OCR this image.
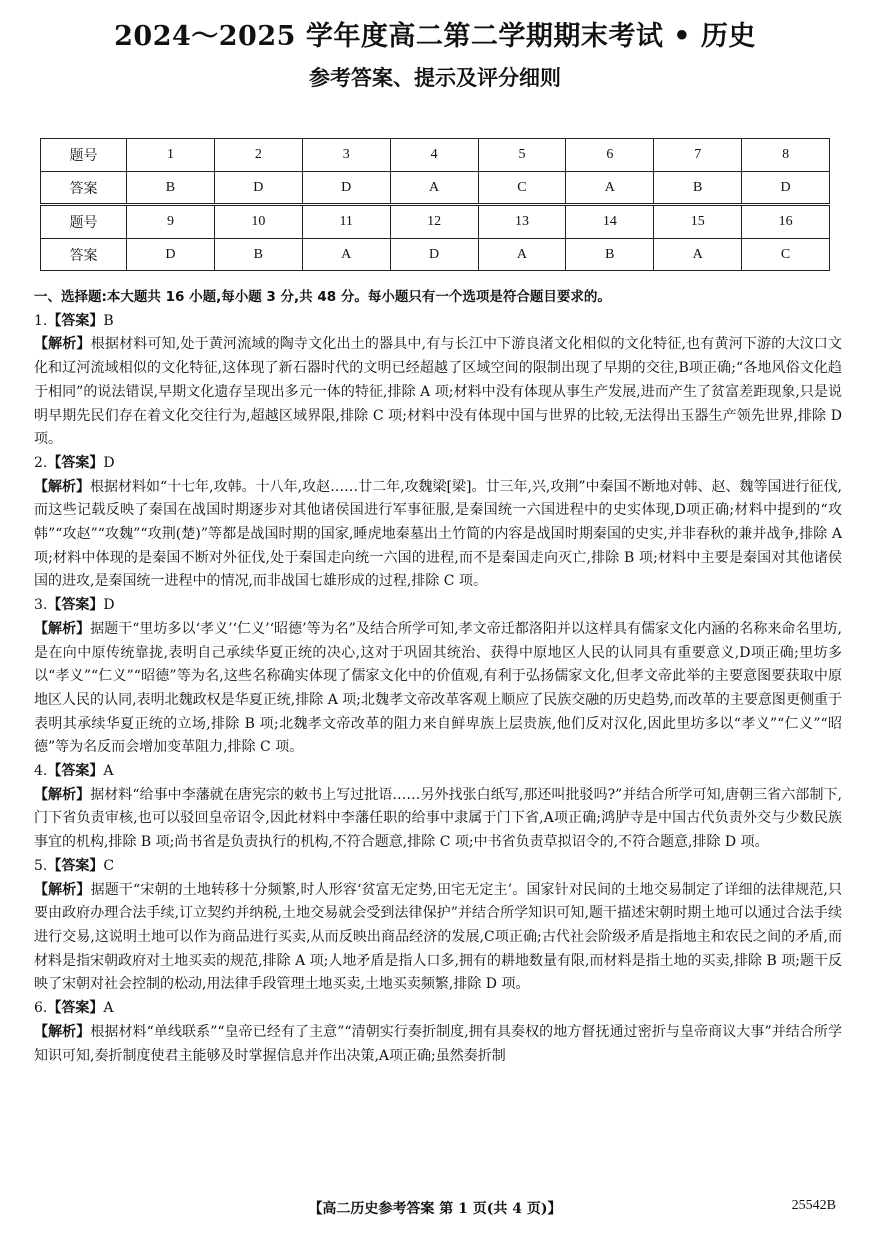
2024～2025 学年度高二第二学期期末考试 • 历史
参考答案、提示及评分细则
题号	1	2	3	4	5	6	7	8
答案	B	D	D	A	C	A	B	D
题号	9	10	11	12	13	14	15	16
答案	D	B	A	D	A	B	A	C
一、选择题:本大题共 16 小题,每小题 3 分,共 48 分。每小题只有一个选项是符合题目要求的。
1.【答案】B
【解析】根据材料可知,处于黄河流域的陶寺文化出土的器具中,有与长江中下游良渚文化相似的文化特征,也有黄河下游的大汶口文化和辽河流域相似的文化特征,这体现了新石器时代的文明已经超越了区域空间的限制出现了早期的交往,B项正确;“各地风俗文化趋于相同”的说法错误,早期文化遗存呈现出多元一体的特征,排除 A 项;材料中没有体现从事生产发展,进而产生了贫富差距现象,只是说明早期先民们存在着文化交往行为,超越区域界限,排除 C 项;材料中没有体现中国与世界的比较,无法得出玉器生产领先世界,排除 D 项。
2.【答案】D
【解析】根据材料如“十七年,攻韩。十八年,攻赵……廿二年,攻魏梁[梁]。廿三年,兴,攻荆”中秦国不断地对韩、赵、魏等国进行征伐,而这些记载反映了秦国在战国时期逐步对其他诸侯国进行军事征服,是秦国统一六国进程中的史实体现,D项正确;材料中提到的“攻韩”“攻赵”“攻魏”“攻荆(楚)”等都是战国时期的国家,睡虎地秦墓出土竹简的内容是战国时期秦国的史实,并非春秋的兼并战争,排除 A 项;材料中体现的是秦国不断对外征伐,处于秦国走向统一六国的进程,而不是秦国走向灭亡,排除 B 项;材料中主要是秦国对其他诸侯国的进攻,是秦国统一进程中的情况,而非战国七雄形成的过程,排除 C 项。
3.【答案】D
【解析】据题干“里坊多以‘孝义’‘仁义’‘昭德’等为名”及结合所学可知,孝文帝迁都洛阳并以这样具有儒家文化内涵的名称来命名里坊,是在向中原传统靠拢,表明自己承续华夏正统的决心,这对于巩固其统治、获得中原地区人民的认同具有重要意义,D项正确;里坊多以“孝义”“仁义”“昭德”等为名,这些名称确实体现了儒家文化中的价值观,有利于弘扬儒家文化,但孝文帝此举的主要意图要获取中原地区人民的认同,表明北魏政权是华夏正统,排除 A 项;北魏孝文帝改革客观上顺应了民族交融的历史趋势,而改革的主要意图更侧重于表明其承续华夏正统的立场,排除 B 项;北魏孝文帝改革的阻力来自鲜卑族上层贵族,他们反对汉化,因此里坊多以“孝义”“仁义”“昭德”等为名反而会增加变革阻力,排除 C 项。
4.【答案】A
【解析】据材料“给事中李藩就在唐宪宗的敕书上写过批语……另外找张白纸写,那还叫批驳吗?”并结合所学可知,唐朝三省六部制下,门下省负责审核,也可以驳回皇帝诏令,因此材料中李藩任职的给事中隶属于门下省,A项正确;鸿胪寺是中国古代负责外交与少数民族事宜的机构,排除 B 项;尚书省是负责执行的机构,不符合题意,排除 C 项;中书省负责草拟诏令的,不符合题意,排除 D 项。
5.【答案】C
【解析】据题干“宋朝的土地转移十分频繁,时人形容‘贫富无定势,田宅无定主’。国家针对民间的土地交易制定了详细的法律规范,只要由政府办理合法手续,订立契约并纳税,土地交易就会受到法律保护”并结合所学知识可知,题干描述宋朝时期土地可以通过合法手续进行交易,这说明土地可以作为商品进行买卖,从而反映出商品经济的发展,C项正确;古代社会阶级矛盾是指地主和农民之间的矛盾,而材料是指宋朝政府对土地买卖的规范,排除 A 项;人地矛盾是指人口多,拥有的耕地数量有限,而材料是指土地的买卖,排除 B 项;题干反映了宋朝对社会控制的松动,用法律手段管理土地买卖,土地买卖频繁,排除 D 项。
6.【答案】A
【解析】根据材料“单线联系”“皇帝已经有了主意”“清朝实行奏折制度,拥有具奏权的地方督抚通过密折与皇帝商议大事”并结合所学知识可知,奏折制度使君主能够及时掌握信息并作出决策,A项正确;虽然奏折制
【高二历史参考答案 第 1 页(共 4 页)】	25542B
